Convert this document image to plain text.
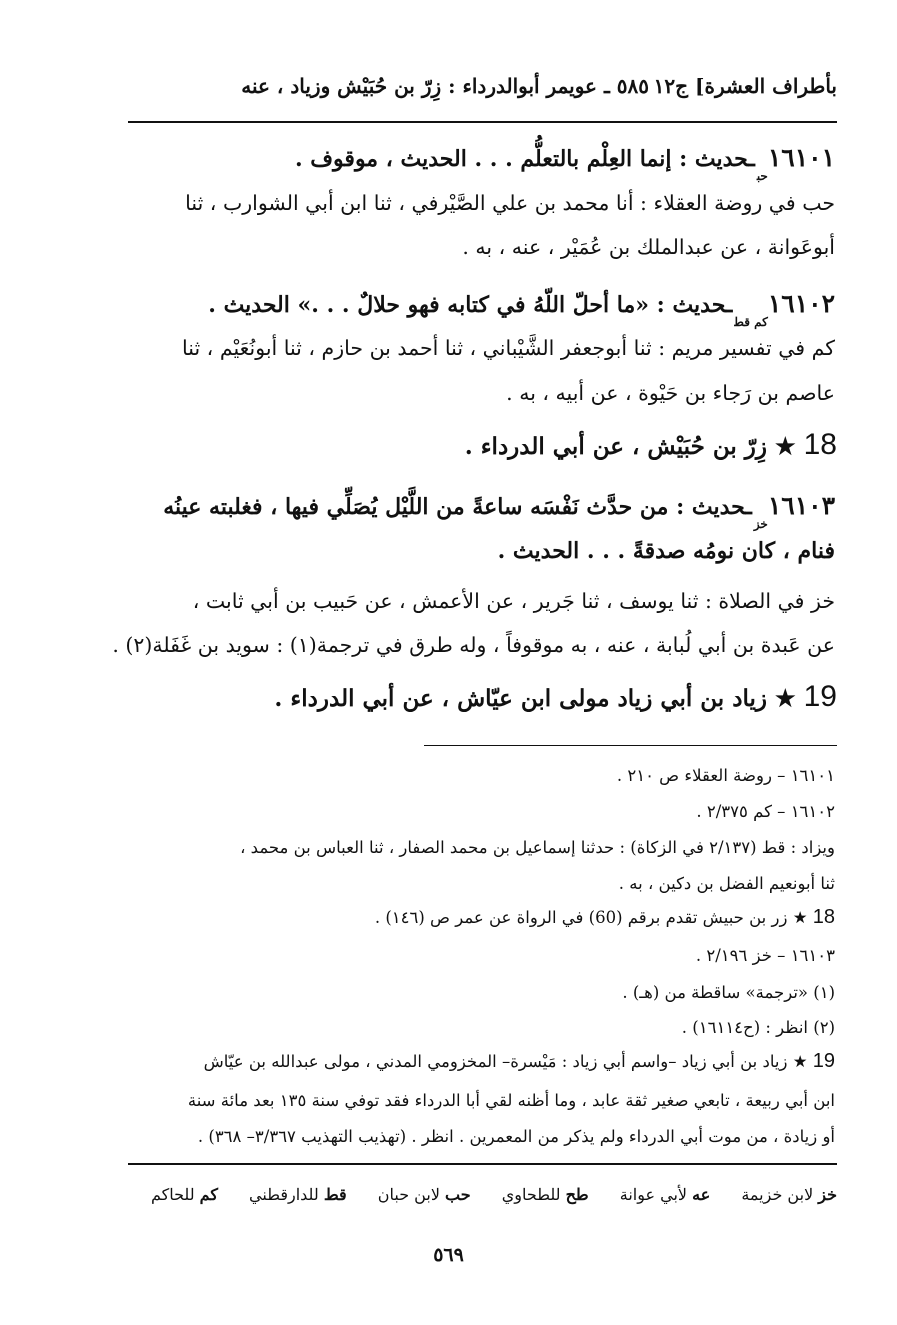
بأطراف العشرة] ج١٢
٥٨٥ ـ عويمر أبوالدرداء : زِرّ بن حُبَيْش وزياد ، عنه
$١٦١٠١_{حب}ـحديث$ : إنما العِلْم بالتعلُّم . . . الحديث ، موقوف .
حب في روضة العقلاء : أنا محمد بن علي الصَّيْرفي ، ثنا ابن أبي الشوارب ، ثنا
أبوعَوانة ، عن عبدالملك بن عُمَيْر ، عنه ، به .
$١٦١٠٢_{كم قط}ـحديث$ : «ما أحلّ اللّهُ في كتابه فهو حلالٌ . . .» الحديث .
كم في تفسير مريم : ثنا أبوجعفر الشَّيْباني ، ثنا أحمد بن حازم ، ثنا أبونُعَيْم ، ثنا
عاصم بن رَجاء بن حَيْوة ، عن أبيه ، به .
18 ★ زِرّ بن حُبَيْش ، عن أبي الدرداء .
$١٦١٠٣_{خز}ـحديث$ : من حدَّث نَفْسَه ساعةً من اللَّيْل يُصَلِّي فيها ، فغلبته عينُه
فنام ، كان نومُه صدقةً . . . الحديث .
خز في الصلاة : ثنا يوسف ، ثنا جَرير ، عن الأعمش ، عن حَبيب بن أبي ثابت ،
عن عَبدة بن أبي لُبابة ، عنه ، به موقوفاً ، وله طرق في ترجمة(١) : سويد بن غَفَلة(٢) .
19 ★ زياد بن أبي زياد مولى ابن عيّاش ، عن أبي الدرداء .
١٦١٠١ – روضة العقلاء ص ٢١٠ .
١٦١٠٢ – كم ٢/٣٧٥ .
ويزاد : قط (٢/١٣٧ في الزكاة) : حدثنا إسماعيل بن محمد الصفار ، ثنا العباس بن محمد ،
ثنا أبونعيم الفضل بن دكين ، به .
18 ★ زر بن حبيش تقدم برقم (60) في الرواة عن عمر ص (١٤٦) .
١٦١٠٣ – خز ٢/١٩٦ .
(١) «ترجمة» ساقطة من (هـ) .
(٢) انظر : (ح١٦١١٤) .
19 ★ زياد بن أبي زياد –واسم أبي زياد : مَيْسرة– المخزومي المدني ، مولى عبدالله بن عيّاش
ابن أبي ربيعة ، تابعي صغير ثقة عابد ، وما أظنه لقي أبا الدرداء فقد توفي سنة ١٣٥ بعد مائة سنة
أو زيادة ، من موت أبي الدرداء ولم يذكر من المعمرين . انظر . (تهذيب التهذيب ٣/٣٦٧– ٣٦٨) .
خز لابن خزيمة عه لأبي عوانة طح للطحاوي حب لابن حبان قط للدارقطني كم للحاكم
٥٦٩
